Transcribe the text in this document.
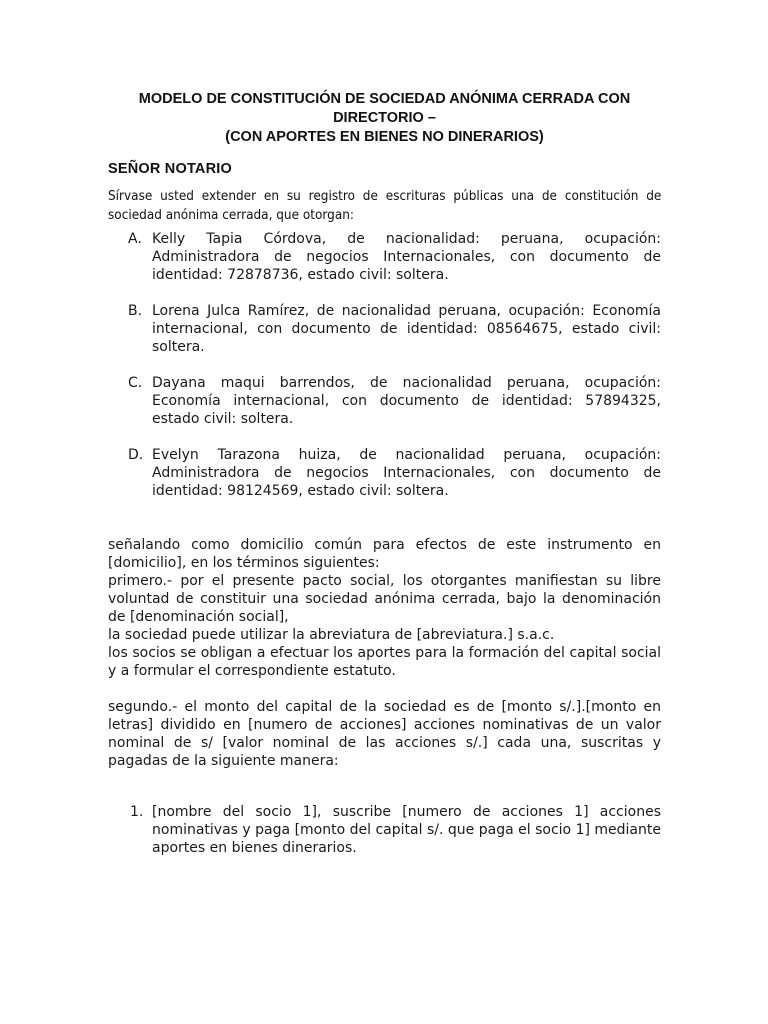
MODELO DE CONSTITUCIÓN DE SOCIEDAD ANÓNIMA CERRADA CON
DIRECTORIO –
(CON APORTES EN BIENES NO DINERARIOS)
SEÑOR NOTARIO
Sírvase usted extender en su registro de escrituras públicas una de constitución de sociedad anónima cerrada, que otorgan:
A. Kelly Tapia Córdova, de nacionalidad: peruana, ocupación: Administradora de negocios Internacionales, con documento de identidad: 72878736, estado civil: soltera.
B. Lorena Julca Ramírez, de nacionalidad peruana, ocupación: Economía internacional, con documento de identidad: 08564675, estado civil: soltera.
C. Dayana maqui barrendos, de nacionalidad peruana, ocupación: Economía internacional, con documento de identidad: 57894325, estado civil: soltera.
D. Evelyn Tarazona huiza, de nacionalidad peruana, ocupación: Administradora de negocios Internacionales, con documento de identidad: 98124569, estado civil: soltera.

señalando como domicilio común para efectos de este instrumento en [domicilio], en los términos siguientes:

primero.- por el presente pacto social, los otorgantes manifiestan su libre voluntad de constituir una sociedad anónima cerrada, bajo la denominación de [denominación social],

la sociedad puede utilizar la abreviatura de [abreviatura.] s.a.c.

los socios se obligan a efectuar los aportes para la formación del capital social y a formular el correspondiente estatuto.

segundo.- el monto del capital de la sociedad es de [monto s/.].[monto en letras] dividido en [numero de acciones] acciones nominativas de un valor nominal de s/ [valor nominal de las acciones s/.] cada una, suscritas y pagadas de la siguiente manera:
1. [nombre del socio 1], suscribe [numero de acciones 1] acciones nominativas y paga [monto del capital s/. que paga el socio 1] mediante aportes en bienes dinerarios.
